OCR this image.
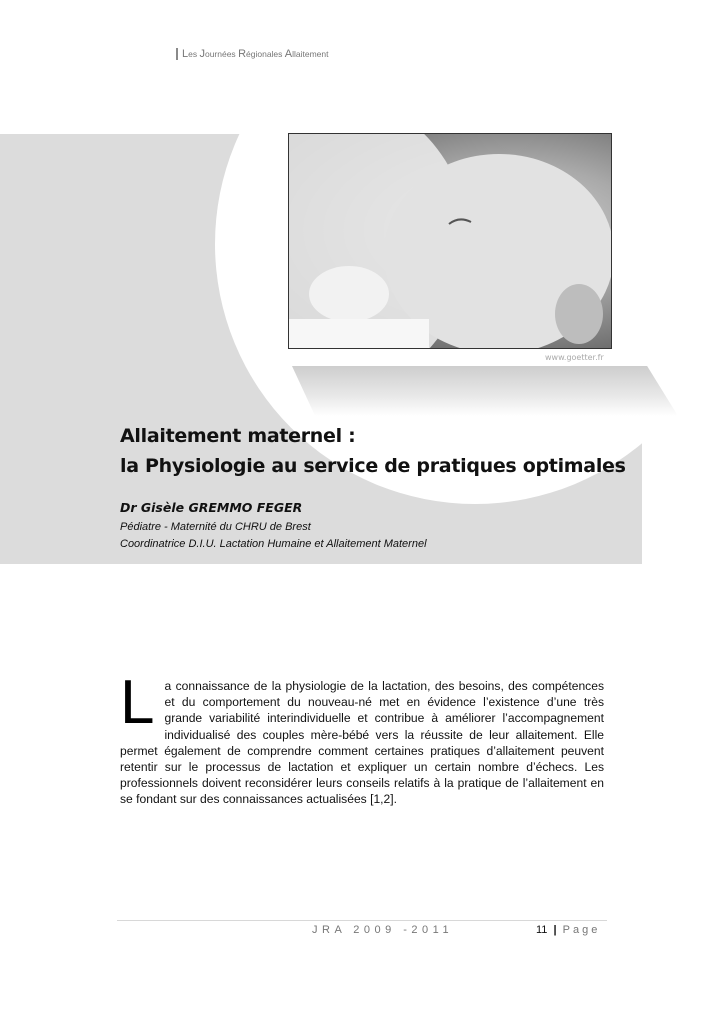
Les Journées Régionales Allaitement
www.goetter.fr
Allaitement maternel :
la Physiologie au service de pratiques optimales

Dr Gisèle GREMMO FEGER

Pédiatre - Maternité du CHRU de Brest

Coordinatrice D.I.U. Lactation Humaine et Allaitement Maternel

L a connaissance de la physiologie de la lactation, des besoins, des compétences et du comportement du nouveau-né met en évidence l’existence d’une très grande variabilité interindividuelle et contribue à améliorer l’accompagnement individualisé des couples mère-bébé vers la réussite de leur allaitement. Elle permet également de comprendre comment certaines pratiques d’allaitement peuvent retentir sur le processus de lactation et expliquer un certain nombre d’échecs. Les professionnels doivent reconsidérer leurs conseils relatifs à la pratique de l’allaitement en se fondant sur des connaissances actualisées [1,2].
JRA 2009 -2011	11 | Page
